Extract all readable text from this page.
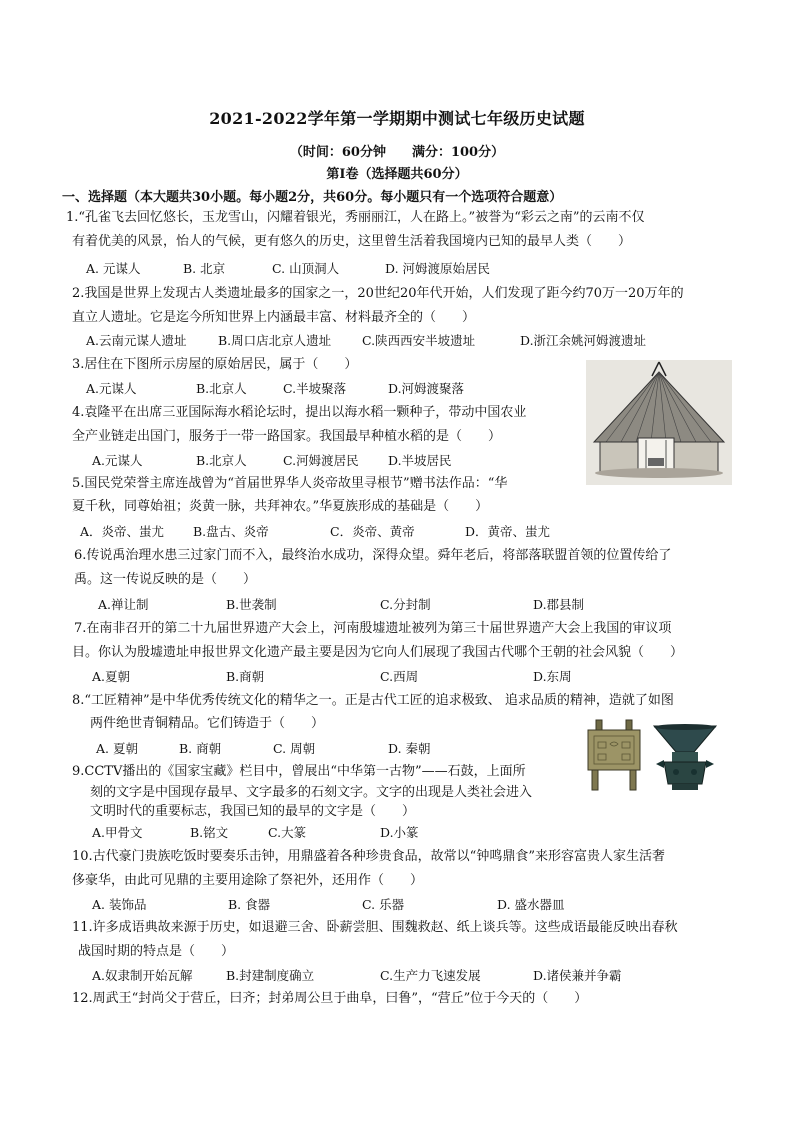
2021-2022学年第一学期期中测试七年级历史试题
（时间：60分钟　　满分：100分）
第Ⅰ卷（选择题共60分）
一、选择题（本大题共30小题。每小题2分，共60分。每小题只有一个选项符合题意）
1.“孔雀飞去回忆悠长，玉龙雪山，闪耀着银光，秀丽丽江，人在路上。”被誉为“彩云之南”的云南不仅
有着优美的风景，怡人的气候，更有悠久的历史，这里曾生活着我国境内已知的最早人类（　　）
A. 元谋人	B. 北京	C. 山顶洞人	D. 河姆渡原始居民
2.我国是世界上发现古人类遗址最多的国家之一，20世纪20年代开始，人们发现了距今约70万一20万年的
直立人遗址。它是迄今所知世界上内涵最丰富、材料最齐全的（　　）
A.云南元谋人遗址	B.周口店北京人遗址 C.陕西西安半坡遗址	D.浙江余姚河姆渡遗址
3.居住在下图所示房屋的原始居民，属于（　　）
A.元谋人	B.北京人	C.半坡聚落	D.河姆渡聚落
4.袁隆平在出席三亚国际海水稻论坛时，提出以海水稻一颗种子，带动中国农业
全产业链走出国门，服务于一带一路国家。我国最早种植水稻的是（　　）
A.元谋人	B.北京人	C.河姆渡居民 D.半坡居民
5.国民党荣誉主席连战曾为“首届世界华人炎帝故里寻根节”赠书法作品：“华
夏千秋，同尊始祖；炎黄一脉，共拜神农。”华夏族形成的基础是（　　）
A．炎帝、蚩尤 B.盘古、炎帝	C．炎帝、黄帝	D．黄帝、蚩尤
6.传说禹治理水患三过家门而不入，最终治水成功，深得众望。舜年老后，将部落联盟首领的位置传给了
禹。这一传说反映的是（　　）
A.禅让制	B.世袭制	C.分封制	D.郡县制
7.在南非召开的第二十九届世界遗产大会上，河南殷墟遗址被列为第三十届世界遗产大会上我国的审议项
目。你认为殷墟遗址申报世界文化遗产最主要是因为它向人们展现了我国古代哪个王朝的社会风貌（　　）
A.夏朝	B.商朝	C.西周	D.东周
8.“工匠精神”是中华优秀传统文化的精华之一。正是古代工匠的追求极致、 追求品质的精神，造就了如图
两件绝世青铜精品。它们铸造于（　　）
A. 夏朝	B. 商朝	C. 周朝	D. 秦朝
9.CCTV播出的《国家宝藏》栏目中，曾展出“中华第一古物”——石鼓，上面所
刻的文字是中国现存最早、文字最多的石刻文字。文字的出现是人类社会进入
文明时代的重要标志，我国已知的最早的文字是（　　）
A.甲骨文	B.铭文	C.大篆	D.小篆
10.古代豪门贵族吃饭时要奏乐击钟，用鼎盛着各种珍贵食品，故常以“钟鸣鼎食”来形容富贵人家生活奢
侈豪华，由此可见鼎的主要用途除了祭祀外，还用作（　　）
A. 装饰品	B. 食器	C. 乐器	D. 盛水器皿
11.许多成语典故来源于历史，如退避三舍、卧薪尝胆、围魏救赵、纸上谈兵等。这些成语最能反映出春秋
战国时期的特点是（　　）
A.奴隶制开始瓦解	B.封建制度确立	C.生产力飞速发展	D.诸侯兼并争霸
12.周武王“封尚父于营丘，曰齐；封弟周公旦于曲阜，曰鲁”，“营丘”位于今天的（　　）
